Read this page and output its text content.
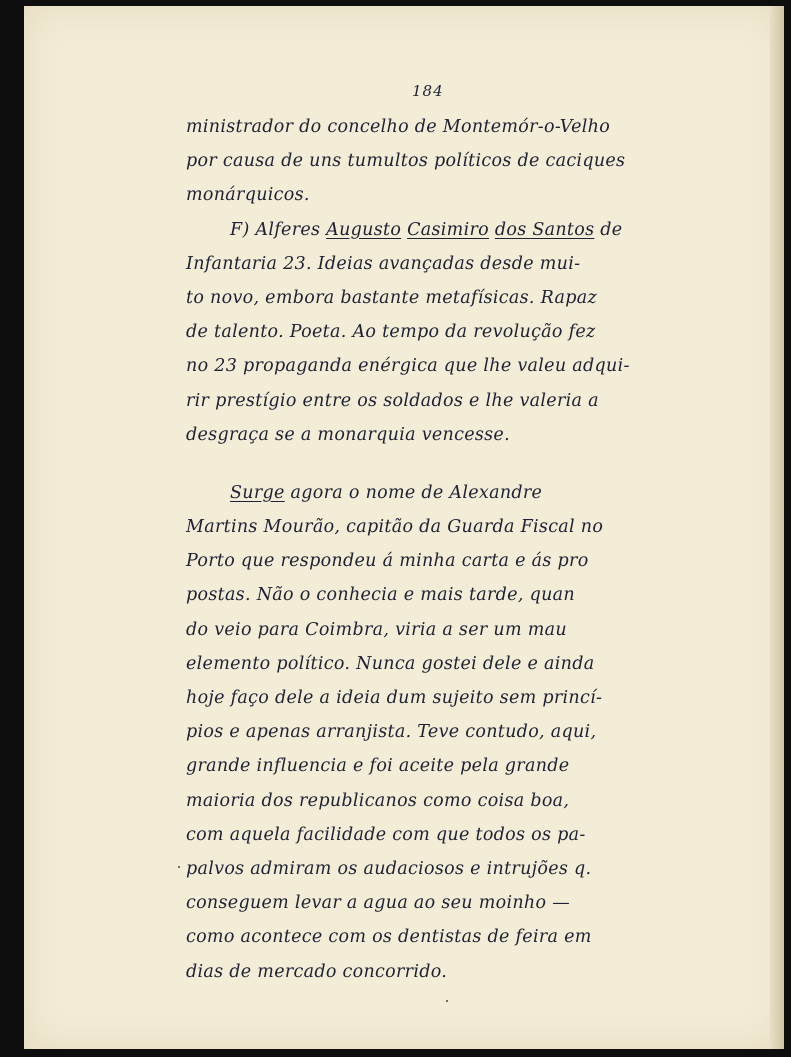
184
ministrador do concelho de Montemór-o-Velho
por causa de uns tumultos políticos de caciques
monárquicos.
F) Alferes Augusto Casimiro dos Santos de
Infantaria 23. Ideias avançadas desde mui-
to novo, embora bastante metafísicas. Rapaz
de talento. Poeta. Ao tempo da revolução fez
no 23 propaganda enérgica que lhe valeu adqui-
rir prestígio entre os soldados e lhe valeria a
desgraça se a monarquia vencesse.
Surge agora o nome de Alexandre
Martins Mourão, capitão da Guarda Fiscal no
Porto que respondeu á minha carta e ás pro
postas. Não o conhecia e mais tarde, quan
do veio para Coimbra, viria a ser um mau
elemento político. Nunca gostei dele e ainda
hoje faço dele a ideia dum sujeito sem princí-
pios e apenas arranjista. Teve contudo, aqui,
grande influencia e foi aceite pela grande
maioria dos republicanos como coisa boa,
com aquela facilidade com que todos os pa-
palvos admiram os audaciosos e intrujões q.
conseguem levar a agua ao seu moinho —
como acontece com os dentistas de feira em
dias de mercado concorrido.
